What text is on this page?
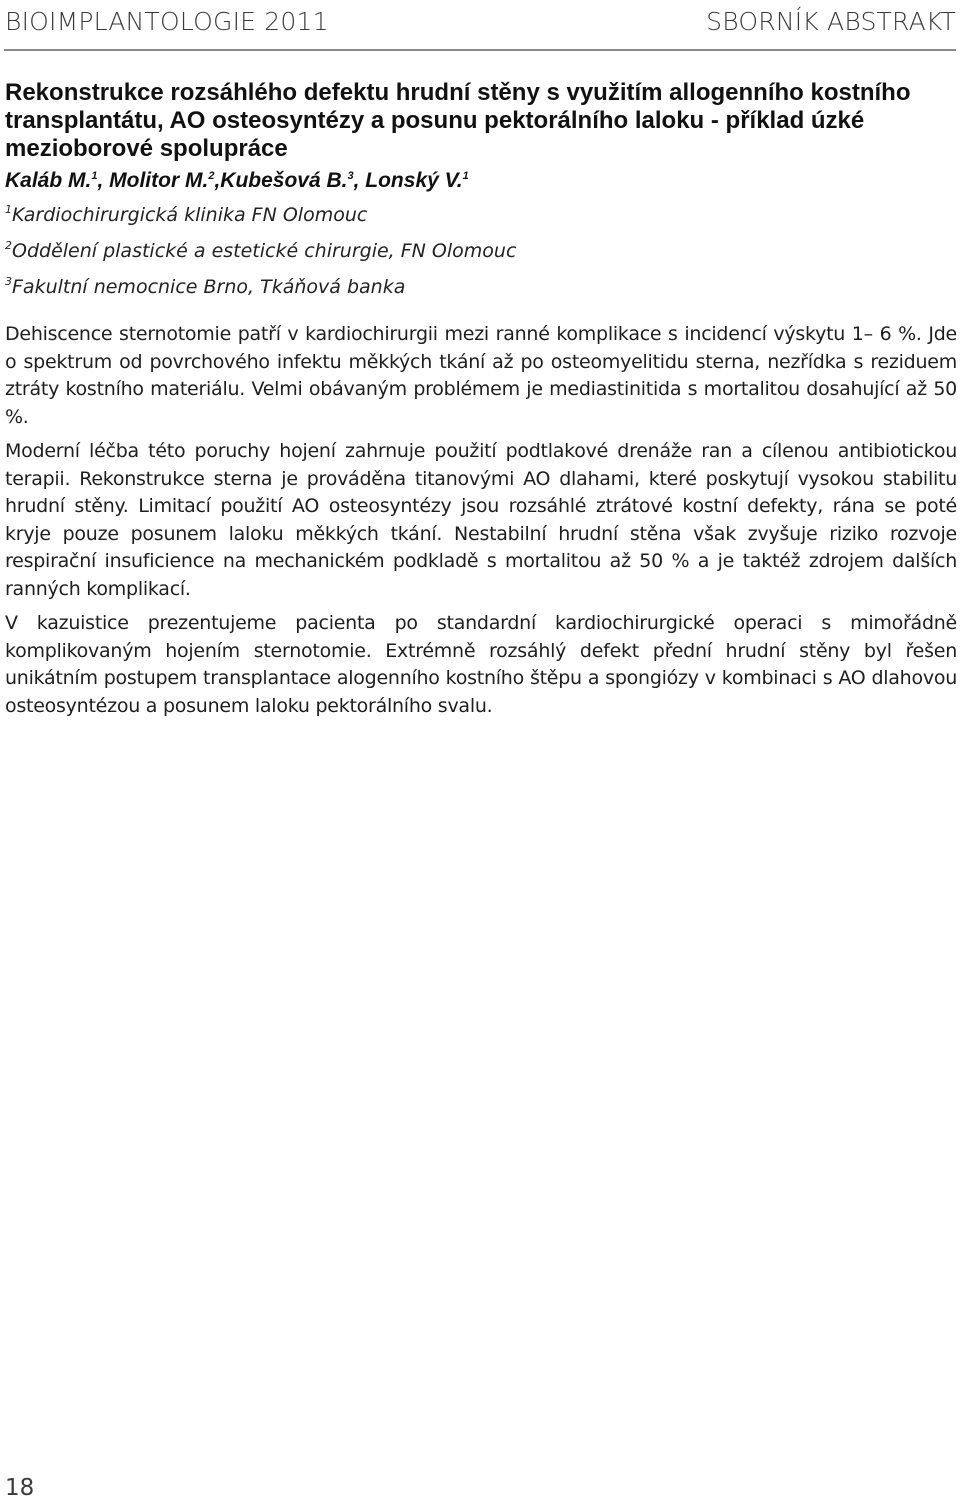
BIOIMPLANTOLOGIE 2011	SBORNÍK ABSTRAKT
Rekonstrukce rozsáhlého defektu hrudní stěny s využitím allogenního kostního transplantátu, AO osteosyntézy a posunu pektorálního laloku - příklad úzké mezioborové spolupráce
Kaláb M.$^1$, Molitor M.$^2$,Kubešová B.$^3$, Lonský V.$^1$
$^1$Kardiochirurgická klinika FN Olomouc
$^2$Oddělení plastické a estetické chirurgie, FN Olomouc
$^3$Fakultní nemocnice Brno, Tkáňová banka

Dehiscence sternotomie patří v kardiochirurgii mezi ranné komplikace s incidencí výskytu 1– 6 %. Jde o spektrum od povrchového infektu měkkých tkání až po osteomyelitidu sterna, nezřídka s reziduem ztráty kostního materiálu. Velmi obávaným problémem je mediastinitida s mortalitou dosahující až 50 %.

Moderní léčba této poruchy hojení zahrnuje použití podtlakové drenáže ran a cílenou antibiotickou terapii. Rekonstrukce sterna je prováděna titanovými AO dlahami, které poskytují vysokou stabilitu hrudní stěny. Limitací použití AO osteosyntézy jsou rozsáhlé ztrátové kostní defekty, rána se poté kryje pouze posunem laloku měkkých tkání. Nestabilní hrudní stěna však zvyšuje riziko rozvoje respirační insuficience na mechanickém podkladě s mortalitou až 50 % a je taktéž zdrojem dalších ranných komplikací.

V kazuistice prezentujeme pacienta po standardní kardiochirurgické operaci s mimořádně komplikovaným hojením sternotomie. Extrémně rozsáhlý defekt přední hrudní stěny byl řešen unikátním postupem transplantace alogenního kostního štěpu a spongiózy v kombinaci s AO dlahovou osteosyntézou a posunem laloku pektorálního svalu.

18
